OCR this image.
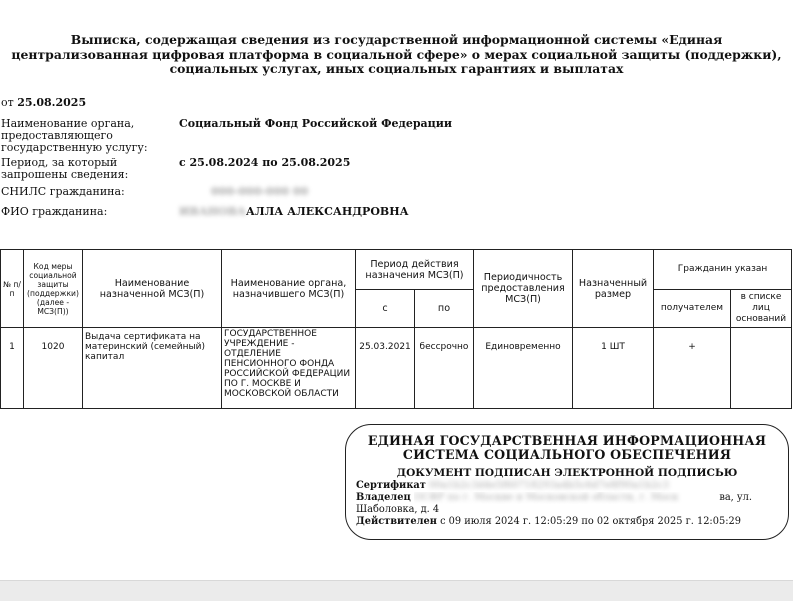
Выписка, содержащая сведения из государственной информационной системы «Единая централизованная цифровая платформа в социальной сфере» о мерах социальной защиты (поддержки), социальных услугах, иных социальных гарантиях и выплатах
от 25.08.2025
Наименование органа, предоставляющего государственную услугу:
Социальный Фонд Российской Федерации
Период, за который запрошены сведения:
с 25.08.2024 по 25.08.2025
СНИЛС гражданина:	000-000-000 00
ФИО гражданина:	ИВАНОВААЛЛА АЛЕКСАНДРОВНА
№ п/п	Код меры социальной защиты (поддержки) (далее - МСЗ(П))	Наименование назначенной МСЗ(П)	Наименование органа, назначившего МСЗ(П)	Период действия назначения МСЗ(П)		Периодичность предоставления МСЗ(П)	Назначенный размер	Гражданин указан	
				с	по			получателем	в списке лиц оснований
1	1020	Выдача сертификата на материнский (семейный) капитал	ГОСУДАРСТВЕННОЕ УЧРЕЖДЕНИЕ - ОТДЕЛЕНИЕ ПЕНСИОННОГО ФОНДА РОССИЙСКОЙ ФЕДЕРАЦИИ ПО Г. МОСКВЕ И МОСКОВСКОЙ ОБЛАСТИ	25.03.2021	бессрочно	Единовременно	1 ШТ	+	
ЕДИНАЯ ГОСУДАРСТВЕННАЯ ИНФОРМАЦИОННАЯ
СИСТЕМА СОЦИАЛЬНОГО ОБЕСПЕЧЕНИЯ
ДОКУМЕНТ ПОДПИСАН ЭЛЕКТРОННОЙ ПОДПИСЬЮ
Сертификат 00a1b2c3d4e5f60718293a4b5c6d7e8f90a1b2c3
Владелец ОСФР по г. Москве и Московской области, г. Моск	ва, ул.
Шаболовка, д. 4
Действителен с 09 июля 2024 г. 12:05:29 по 02 октября 2025 г. 12:05:29
